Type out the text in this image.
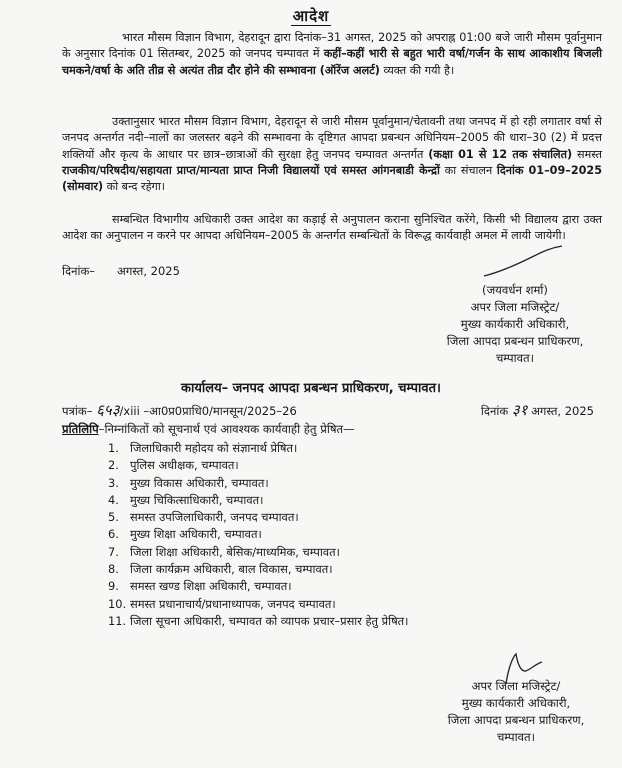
आदेश
भारत मौसम विज्ञान विभाग, देहरादून द्वारा दिनांक–31 अगस्त, 2025 को अपराह्न 01:00 बजे जारी मौसम पूर्वानुमान के अनुसार दिनांक 01 सितम्बर, 2025 को जनपद चम्पावत में कहीं–कहीं भारी से बहुत भारी वर्षा/गर्जन के साथ आकाशीय बिजली चमकने/वर्षा के अति तीव्र से अत्यंत तीव्र दौर होने की सम्भावना (ऑरेंज अलर्ट) व्यक्त की गयी है।
उक्तानुसार भारत मौसम विज्ञान विभाग, देहरादून से जारी मौसम पूर्वानुमान/चेतावनी तथा जनपद में हो रही लगातार वर्षा से जनपद अन्तर्गत नदी–नालों का जलस्तर बढ़ने की सम्भावना के दृष्टिगत आपदा प्रबन्धन अधिनियम–2005 की धारा–30 (2) में प्रदत्त शक्तियों और कृत्य के आधार पर छात्र–छात्राओं की सुरक्षा हेतु जनपद चम्पावत अन्तर्गत (कक्षा 01 से 12 तक संचालित) समस्त राजकीय/परिषदीय/सहायता प्राप्त/मान्यता प्राप्त निजी विद्यालयों एवं समस्त आंगनबाडी केन्द्रों का संचालन दिनांक 01–09–2025 (सोमवार) को बन्द रहेगा।
सम्बन्धित विभागीय अधिकारी उक्त आदेश का कड़ाई से अनुपालन कराना सुनिश्चित करेंगे, किसी भी विद्यालय द्वारा उक्त आदेश का अनुपालन न करने पर आपदा अधिनियम–2005 के अन्तर्गत सम्बन्धितों के विरूद्ध कार्यवाही अमल में लायी जायेगी।
दिनांक– अगस्त, 2025
(जयवर्धन शर्मा)
अपर जिला मजिस्ट्रेट/
मुख्य कार्यकारी अधिकारी,
जिला आपदा प्रबन्धन प्राधिकरण,
चम्पावत।
कार्यालय– जनपद आपदा प्रबन्धन प्राधिकरण, चम्पावत।
पत्रांक– ६५३/xiii –आ0प्र0प्राधि0/मानसून/2025–26	दिनांक ३१ अगस्त, 2025
प्रतिलिपि–निम्नांकितों को सूचनार्थ एवं आवश्यक कार्यवाही हेतु प्रेषित—
1. जिलाधिकारी महोदय को संज्ञानार्थ प्रेषित।
2. पुलिस अधीक्षक, चम्पावत।
3. मुख्य विकास अधिकारी, चम्पावत।
4. मुख्य चिकित्साधिकारी, चम्पावत।
5. समस्त उपजिलाधिकारी, जनपद चम्पावत।
6. मुख्य शिक्षा अधिकारी, चम्पावत।
7. जिला शिक्षा अधिकारी, बेसिक/माध्यमिक, चम्पावत।
8. जिला कार्यक्रम अधिकारी, बाल विकास, चम्पावत।
9. समस्त खण्ड शिक्षा अधिकारी, चम्पावत।
10. समस्त प्रधानाचार्य/प्रधानाध्यापक, जनपद चम्पावत।
11. जिला सूचना अधिकारी, चम्पावत को व्यापक प्रचार–प्रसार हेतु प्रेषित।
अपर जिला मजिस्ट्रेट/
मुख्य कार्यकारी अधिकारी,
जिला आपदा प्रबन्धन प्राधिकरण,
चम्पावत।
